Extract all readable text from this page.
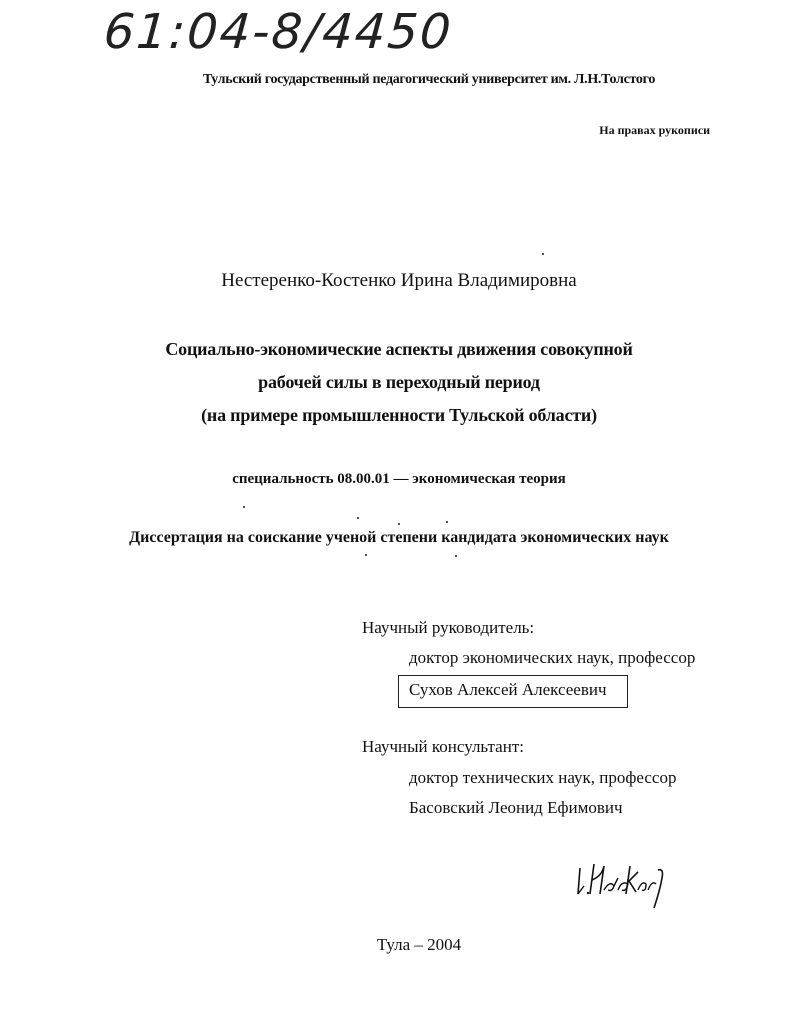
61:04-8/4450
Тульский государственный педагогический университет им. Л.Н.Толстого
На правах рукописи
Нестеренко-Костенко Ирина Владимировна
Социально-экономические аспекты движения совокупной
рабочей силы в переходный период
(на примере промышленности Тульской области)
специальность 08.00.01 — экономическая теория
Диссертация на соискание ученой степени кандидата экономических наук
Научный руководитель:
доктор экономических наук, профессор
Сухов Алексей Алексеевич
Научный консультант:
доктор технических наук, профессор
Басовский Леонид Ефимович
Тула – 2004
